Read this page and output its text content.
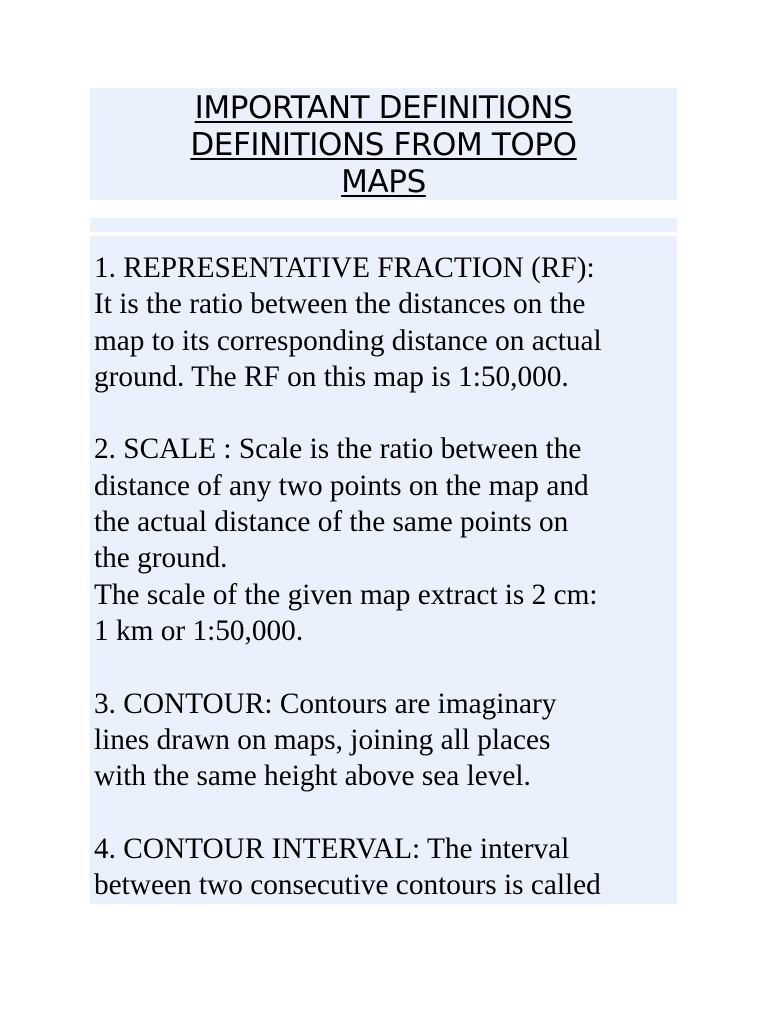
IMPORTANT DEFINITIONS
DEFINITIONS FROM TOPO
MAPS
1. REPRESENTATIVE FRACTION (RF):
It is the ratio between the distances on the
map to its corresponding distance on actual
ground. The RF on this map is 1:50,000.
2. SCALE : Scale is the ratio between the
distance of any two points on the map and
the actual distance of the same points on
the ground.
The scale of the given map extract is 2 cm:
1 km or 1:50,000.
3. CONTOUR: Contours are imaginary
lines drawn on maps, joining all places
with the same height above sea level.
4. CONTOUR INTERVAL: The interval
between two consecutive contours is called
